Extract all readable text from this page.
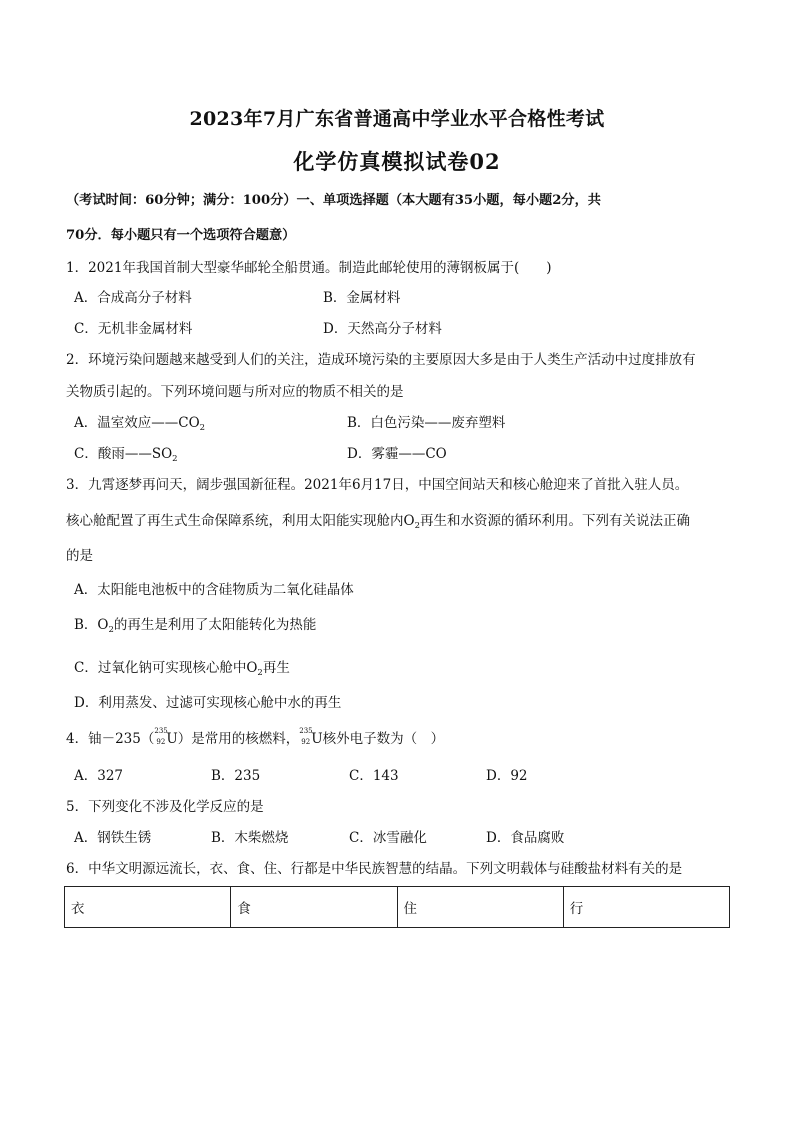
2023年7月广东省普通高中学业水平合格性考试
化学仿真模拟试卷02
（考试时间：60分钟；满分：100分）一、单项选择题（本大题有35小题，每小题2分，共
70分．每小题只有一个选项符合题意）
1．2021年我国首制大型豪华邮轮全船贯通。制造此邮轮使用的薄钢板属于(　　)
A．合成高分子材料	B．金属材料
C．无机非金属材料	D．天然高分子材料
2．环境污染问题越来越受到人们的关注，造成环境污染的主要原因大多是由于人类生产活动中过度排放有
关物质引起的。下列环境问题与所对应的物质不相关的是
A．温室效应$——CO_2$	B．白色污染——废弃塑料
C．酸雨$——SO_2$	D．雾霾——CO
3．九霄逐梦再问天，阔步强国新征程。2021年6月17日，中国空间站天和核心舱迎来了首批入驻人员。
核心舱配置了再生式生命保障系统，利用太阳能实现舱内$O_2$再生和水资源的循环利用。下列有关说法正确
的是
A．太阳能电池板中的含硅物质为二氧化硅晶体
B．$O_2$的再生是利用了太阳能转化为热能
C．过氧化钠可实现核心舱中$O_2$再生
D．利用蒸发、过滤可实现核心舱中水的再生
4．铀－235（ 235
92 U）是常用的核燃料， 235
92 U核外电子数为（　）
A．327	B．235	C．143	D．92
5．下列变化不涉及化学反应的是
A．钢铁生锈	B．木柴燃烧	C．冰雪融化	D．食品腐败
6．中华文明源远流长，衣、食、住、行都是中华民族智慧的结晶。下列文明载体与硅酸盐材料有关的是
衣	食	住	行
